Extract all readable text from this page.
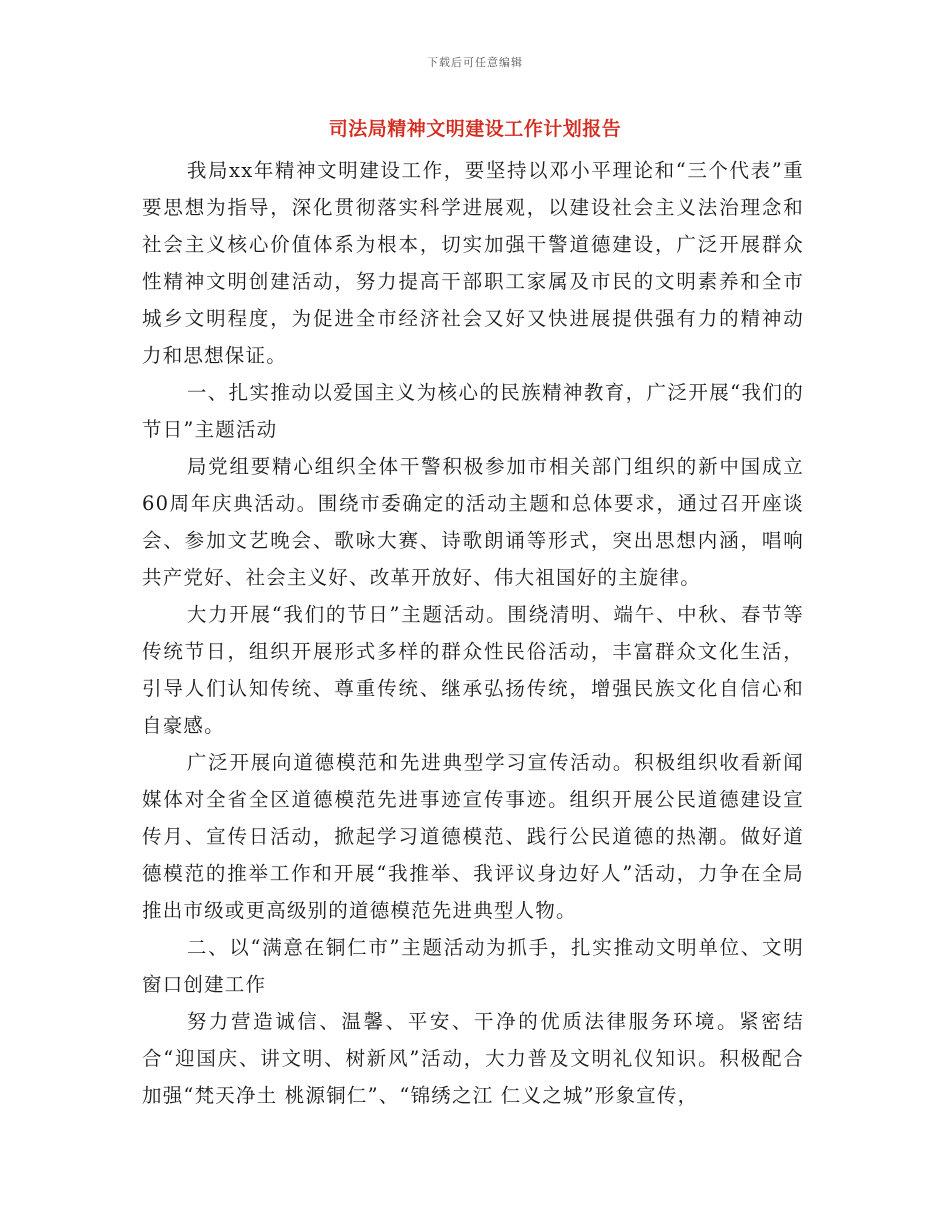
下载后可任意编辑
司法局精神文明建设工作计划报告

我局xx年精神文明建设工作，要坚持以邓小平理论和“三个代表”重要思想为指导，深化贯彻落实科学进展观，以建设社会主义法治理念和社会主义核心价值体系为根本，切实加强干警道德建设，广泛开展群众性精神文明创建活动，努力提高干部职工家属及市民的文明素养和全市城乡文明程度，为促进全市经济社会又好又快进展提供强有力的精神动力和思想保证。

一、扎实推动以爱国主义为核心的民族精神教育，广泛开展“我们的节日”主题活动

局党组要精心组织全体干警积极参加市相关部门组织的新中国成立60周年庆典活动。围绕市委确定的活动主题和总体要求，通过召开座谈会、参加文艺晚会、歌咏大赛、诗歌朗诵等形式，突出思想内涵，唱响共产党好、社会主义好、改革开放好、伟大祖国好的主旋律。

大力开展“我们的节日”主题活动。围绕清明、端午、中秋、春节等传统节日，组织开展形式多样的群众性民俗活动，丰富群众文化生活，引导人们认知传统、尊重传统、继承弘扬传统，增强民族文化自信心和自豪感。

广泛开展向道德模范和先进典型学习宣传活动。积极组织收看新闻媒体对全省全区道德模范先进事迹宣传事迹。组织开展公民道德建设宣传月、宣传日活动，掀起学习道德模范、践行公民道德的热潮。做好道德模范的推举工作和开展“我推举、我评议身边好人”活动，力争在全局推出市级或更高级别的道德模范先进典型人物。

二、以“满意在铜仁市”主题活动为抓手，扎实推动文明单位、文明窗口创建工作

努力营造诚信、温馨、平安、干净的优质法律服务环境。紧密结合“迎国庆、讲文明、树新风”活动，大力普及文明礼仪知识。积极配合加强“梵天净土 桃源铜仁”、“锦绣之江 仁义之城”形象宣传，
